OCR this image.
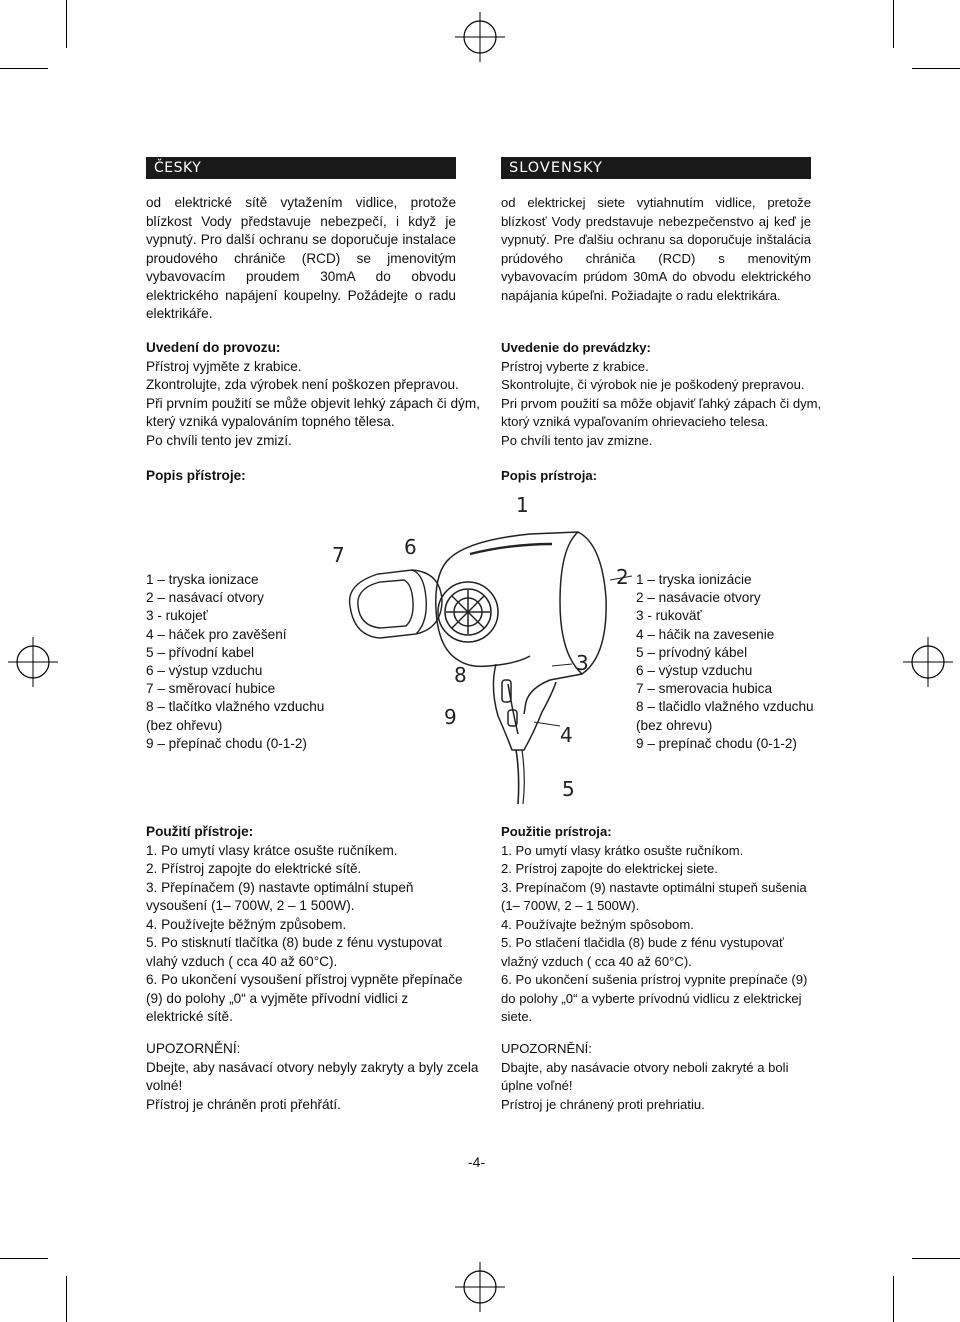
ČESKY	SLOVENSKY

od elektrické sítě vytažením vidlice, protože blízkost Vody představuje nebezpečí, i když je vypnutý. Pro další ochranu se doporučuje instalace proudového chrániče (RCD) se jmenovitým vybavovacím proudem 30mA do obvodu elektrického napájení koupelny. Požádejte o radu elektrikáře.

od elektrickej siete vytiahnutím vidlice, pretože blízkosť Vody predstavuje nebezpečenstvo aj keď je vypnutý. Pre ďalšiu ochranu sa doporučuje inštalácia prúdového chrániča (RCD) s menovitým vybavovacím prúdom 30mA do obvodu elektrického napájania kúpeľni. Požiadajte o radu elektrikára.

Uvedení do provozu:
Přístroj vyjměte z krabice.
Zkontrolujte, zda výrobek není poškozen přepravou.
Při prvním použití se může objevit lehký zápach či dým,
který vzniká vypalováním topného tělesa.
Po chvíli tento jev zmizí.
Uvedenie do prevádzky:
Prístroj vyberte z krabice.
Skontrolujte, či výrobok nie je poškodený prepravou.
Pri prvom použití sa môže objaviť ľahký zápach či dym,
ktorý vzniká vypaľovaním ohrievacieho telesa.
Po chvíli tento jav zmizne.
Popis přístroje:	Popis prístroja:
1 – tryska ionizace
2 – nasávací otvory
3 - rukojeť
4 – háček pro zavěšení
5 – přívodní kabel
6 – výstup vzduchu
7 – směrovací hubice
8 – tlačítko vlažného vzduchu
(bez ohřevu)
9 – přepínač chodu (0-1-2)
1 – tryska ionizácie
2 – nasávacie otvory
3 - rukoväť
4 – háčik na zavesenie
5 – prívodný kábel
6 – výstup vzduchu
7 – smerovacia hubica
8 – tlačidlo vlažného vzduchu
(bez ohrevu)
9 – prepínač chodu (0-1-2)
1
2
3
4
5
6
7
8
9
Použití přístroje:
1. Po umytí vlasy krátce osušte ručníkem.
2. Přístroj zapojte do elektrické sítě.
3. Přepínačem (9) nastavte optimální stupeň
vysoušení (1– 700W, 2 – 1 500W).
4. Používejte běžným způsobem.
5. Po stisknutí tlačítka (8) bude z fénu vystupovat
vlahý vzduch ( cca 40 až 60°C).
6. Po ukončení vysoušení přístroj vypněte přepínače
(9) do polohy „0“ a vyjměte přívodní vidlici z
elektrické sítě.
Použitie prístroja:
1. Po umytí vlasy krátko osušte ručníkom.
2. Prístroj zapojte do elektrickej siete.
3. Prepínačom (9) nastavte optimálni stupeň sušenia
(1– 700W, 2 – 1 500W).
4. Používajte bežným spôsobom.
5. Po stlačení tlačidla (8) bude z fénu vystupovať
vlažný vzduch ( cca 40 až 60°C).
6. Po ukončení sušenia prístroj vypnite prepínače (9)
do polohy „0“ a vyberte prívodnú vidlicu z elektrickej
siete.
UPOZORNĚNÍ:
Dbejte, aby nasávací otvory nebyly zakryty a byly zcela
volné!
Přístroj je chráněn proti přehřátí.
UPOZORNĚNÍ:
Dbajte, aby nasávacie otvory neboli zakryté a boli
úplne voľné!
Prístroj je chránený proti prehriatiu.
-4-
